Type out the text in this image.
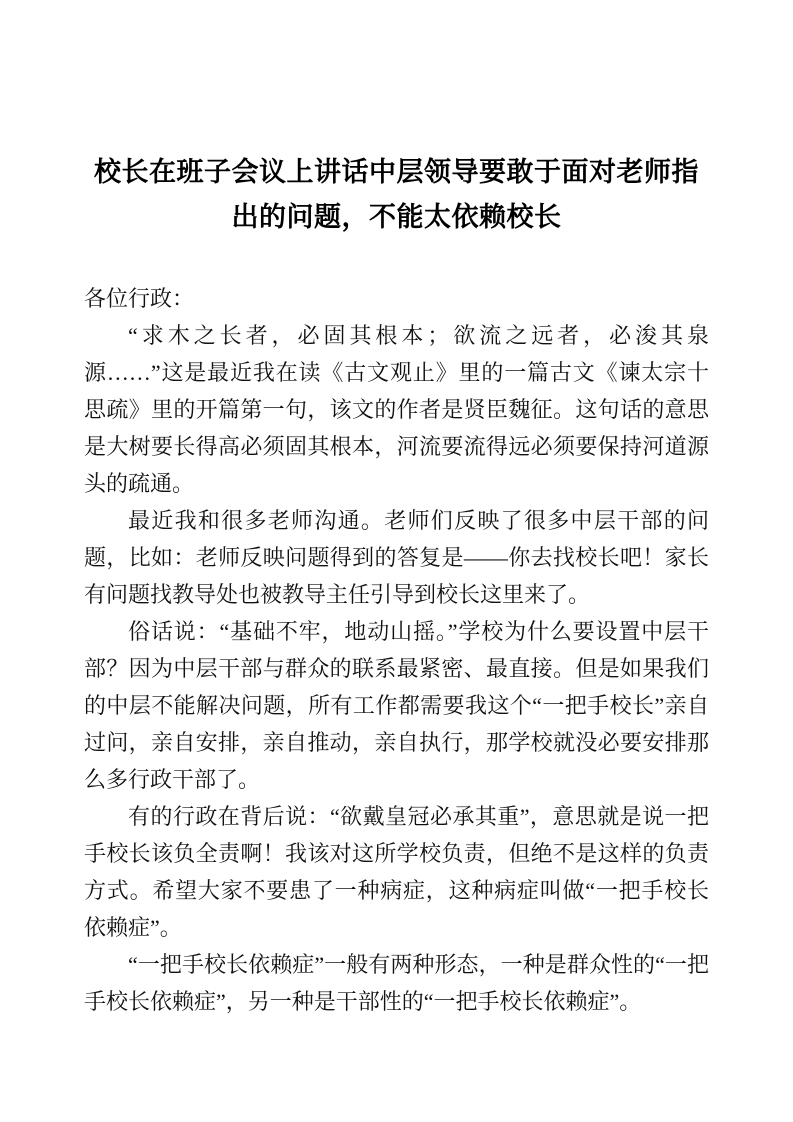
校长在班子会议上讲话中层领导要敢于面对老师指出的问题，不能太依赖校长

各位行政：

“求木之长者，必固其根本；欲流之远者，必浚其泉源……”这是最近我在读《古文观止》里的一篇古文《谏太宗十思疏》里的开篇第一句，该文的作者是贤臣魏征。这句话的意思是大树要长得高必须固其根本，河流要流得远必须要保持河道源头的疏通。

最近我和很多老师沟通。老师们反映了很多中层干部的问题，比如：老师反映问题得到的答复是——你去找校长吧！家长有问题找教导处也被教导主任引导到校长这里来了。

俗话说：“基础不牢，地动山摇。”学校为什么要设置中层干部？因为中层干部与群众的联系最紧密、最直接。但是如果我们的中层不能解决问题，所有工作都需要我这个“一把手校长”亲自过问，亲自安排，亲自推动，亲自执行，那学校就没必要安排那么多行政干部了。

有的行政在背后说：“欲戴皇冠必承其重”，意思就是说一把手校长该负全责啊！我该对这所学校负责，但绝不是这样的负责方式。希望大家不要患了一种病症，这种病症叫做“一把手校长依赖症”。

“一把手校长依赖症”一般有两种形态，一种是群众性的“一把手校长依赖症”，另一种是干部性的“一把手校长依赖症”。
